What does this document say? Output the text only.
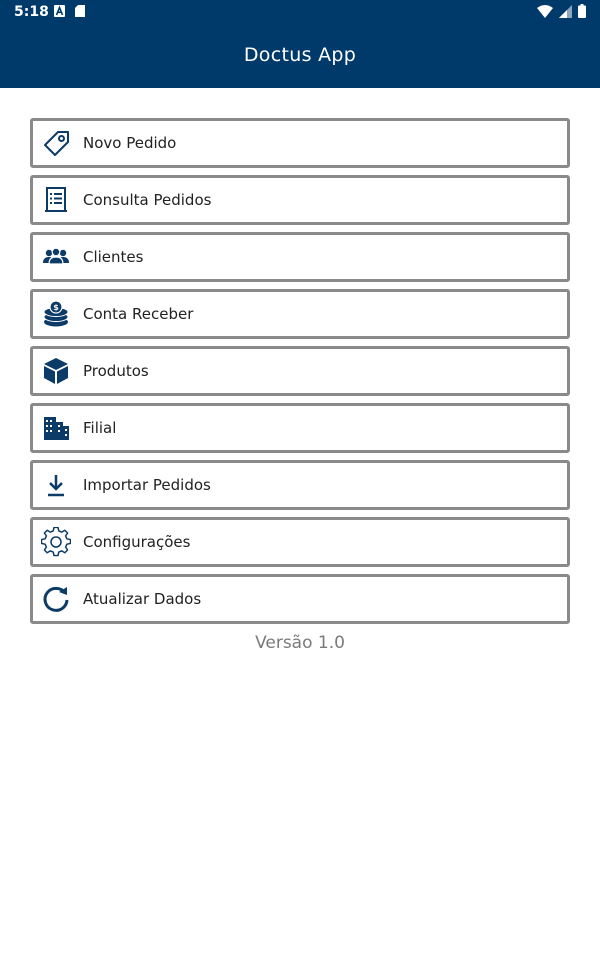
5:18
Doctus App
Novo Pedido
Consulta Pedidos
Clientes
$ Conta Receber
Produtos
Filial
Importar Pedidos
Configurações
Atualizar Dados
Versão 1.0
